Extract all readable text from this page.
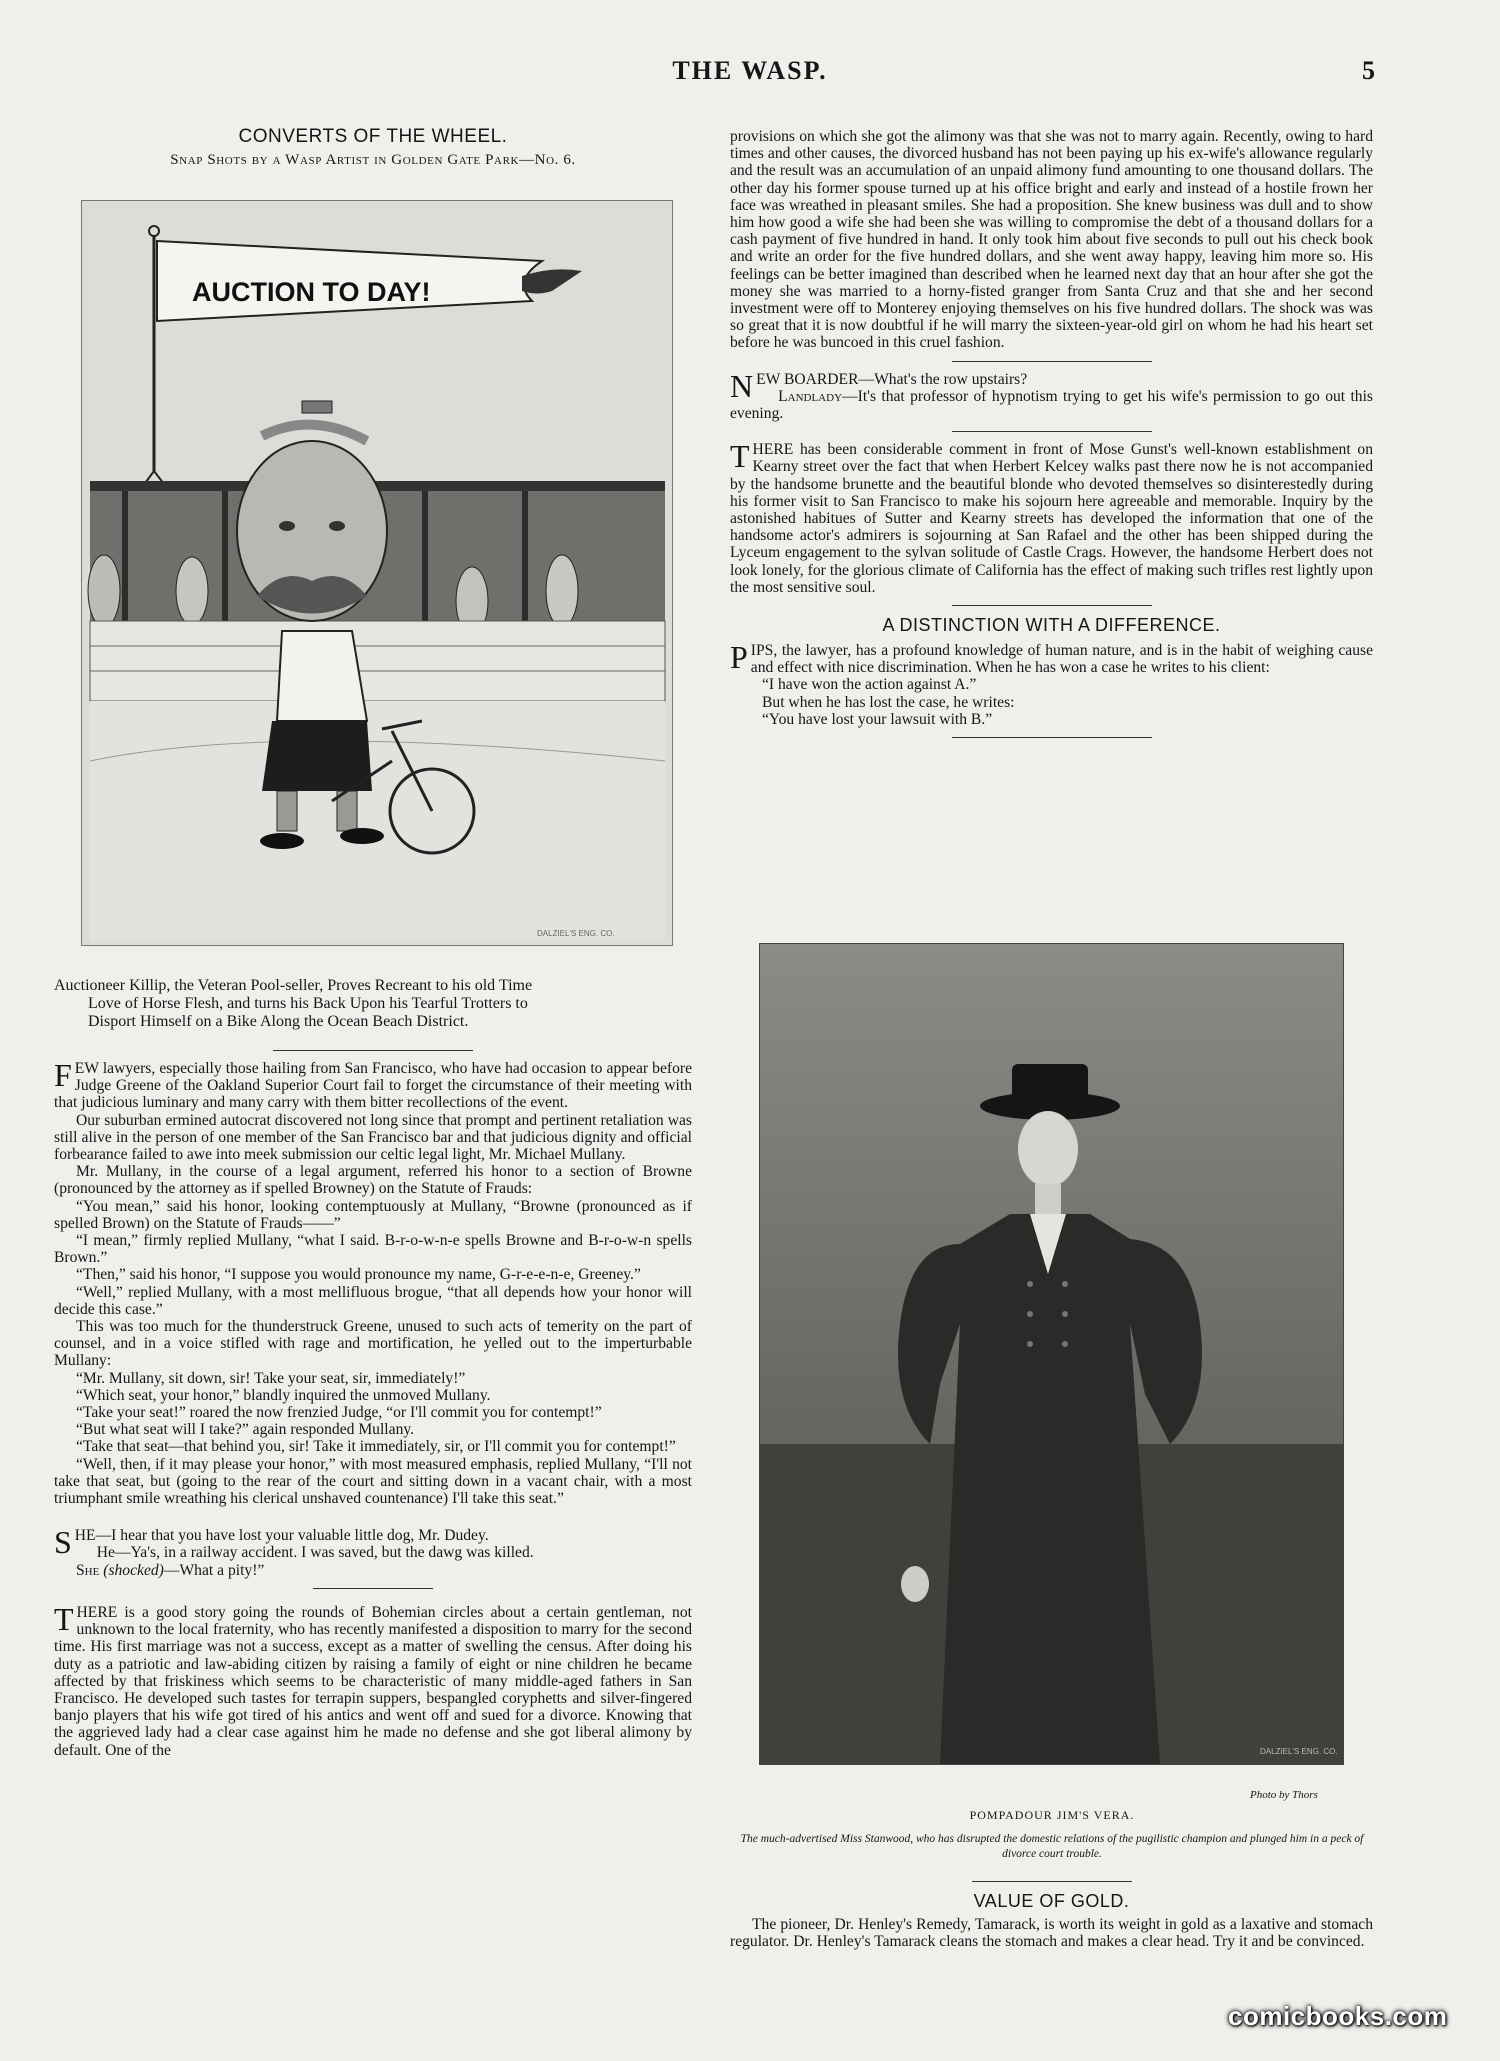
THE WASP.	5
CONVERTS OF THE WHEEL.
Snap Shots by a Wasp Artist in Golden Gate Park—No. 6.
AUCTION TO DAY!
DALZIEL'S ENG. CO.
Auctioneer Killip, the Veteran Pool-seller, Proves Recreant to his old Time
Love of Horse Flesh, and turns his Back Upon his Tearful Trotters to
Disport Himself on a Bike Along the Ocean Beach District.

FEW lawyers, especially those hailing from San Francisco, who have had occasion to appear before Judge Greene of the Oakland Superior Court fail to forget the circumstance of their meeting with that judicious luminary and many carry with them bitter recollections of the event.

Our suburban ermined autocrat discovered not long since that prompt and pertinent retaliation was still alive in the person of one member of the San Francisco bar and that judicious dignity and official forbearance failed to awe into meek submission our celtic legal light, Mr. Michael Mullany.

Mr. Mullany, in the course of a legal argument, referred his honor to a section of Browne (pronounced by the attorney as if spelled Browney) on the Statute of Frauds:

“You mean,” said his honor, looking contemptuously at Mullany, “Browne (pronounced as if spelled Brown) on the Statute of Frauds——”

“I mean,” firmly replied Mullany, “what I said. B-r-o-w-n-e spells Browne and B-r-o-w-n spells Brown.”

“Then,” said his honor, “I suppose you would pronounce my name, G-r-e-e-n-e, Greeney.”

“Well,” replied Mullany, with a most mellifluous brogue, “that all depends how your honor will decide this case.”

This was too much for the thunderstruck Greene, unused to such acts of temerity on the part of counsel, and in a voice stifled with rage and mortification, he yelled out to the imperturbable Mullany:

“Mr. Mullany, sit down, sir! Take your seat, sir, immediately!”

“Which seat, your honor,” blandly inquired the unmoved Mullany.

“Take your seat!” roared the now frenzied Judge, “or I'll commit you for contempt!”

“But what seat will I take?” again responded Mullany.

“Take that seat—that behind you, sir! Take it immediately, sir, or I'll commit you for contempt!”

“Well, then, if it may please your honor,” with most measured emphasis, replied Mullany, “I'll not take that seat, but (going to the rear of the court and sitting down in a vacant chair, with a most triumphant smile wreathing his clerical unshaved countenance) I'll take this seat.”

SHE—I hear that you have lost your valuable little dog, Mr. Dudey.

He—Ya's, in a railway accident. I was saved, but the dawg was killed.

She (shocked)—What a pity!”

THERE is a good story going the rounds of Bohemian circles about a certain gentleman, not unknown to the local fraternity, who has recently manifested a disposition to marry for the second time. His first marriage was not a success, except as a matter of swelling the census. After doing his duty as a patriotic and law-abiding citizen by raising a family of eight or nine children he became affected by that friskiness which seems to be characteristic of many middle-aged fathers in San Francisco. He developed such tastes for terrapin suppers, bespangled coryphetts and silver-fingered banjo players that his wife got tired of his antics and went off and sued for a divorce. Knowing that the aggrieved lady had a clear case against him he made no defense and she got liberal alimony by default. One of the

provisions on which she got the alimony was that she was not to marry again. Recently, owing to hard times and other causes, the divorced husband has not been paying up his ex-wife's allowance regularly and the result was an accumulation of an unpaid alimony fund amounting to one thousand dollars. The other day his former spouse turned up at his office bright and early and instead of a hostile frown her face was wreathed in pleasant smiles. She had a proposition. She knew business was dull and to show him how good a wife she had been she was willing to compromise the debt of a thousand dollars for a cash payment of five hundred in hand. It only took him about five seconds to pull out his check book and write an order for the five hundred dollars, and she went away happy, leaving him more so. His feelings can be better imagined than described when he learned next day that an hour after she got the money she was married to a horny-fisted granger from Santa Cruz and that she and her second investment were off to Monterey enjoying themselves on his five hundred dollars. The shock was was so great that it is now doubtful if he will marry the sixteen-year-old girl on whom he had his heart set before he was buncoed in this cruel fashion.

NEW BOARDER—What's the row upstairs?

Landlady—It's that professor of hypnotism trying to get his wife's permission to go out this evening.

THERE has been considerable comment in front of Mose Gunst's well-known establishment on Kearny street over the fact that when Herbert Kelcey walks past there now he is not accompanied by the handsome brunette and the beautiful blonde who devoted themselves so disinterestedly during his former visit to San Francisco to make his sojourn here agreeable and memorable. Inquiry by the astonished habitues of Sutter and Kearny streets has developed the information that one of the handsome actor's admirers is sojourning at San Rafael and the other has been shipped during the Lyceum engagement to the sylvan solitude of Castle Crags. However, the handsome Herbert does not look lonely, for the glorious climate of California has the effect of making such trifles rest lightly upon the most sensitive soul.

A DISTINCTION WITH A DIFFERENCE.

PIPS, the lawyer, has a profound knowledge of human nature, and is in the habit of weighing cause and effect with nice discrimination. When he has won a case he writes to his client:

“I have won the action against A.”

But when he has lost the case, he writes:

“You have lost your lawsuit with B.”

DALZIEL'S ENG. CO.
Photo by Thors
POMPADOUR JIM'S VERA.
The much-advertised Miss Stanwood, who has disrupted the domestic relations of the pugilistic champion and plunged him in a peck of divorce court trouble.
VALUE OF GOLD.

The pioneer, Dr. Henley's Remedy, Tamarack, is worth its weight in gold as a laxative and stomach regulator. Dr. Henley's Tamarack cleans the stomach and makes a clear head. Try it and be convinced.

comicbooks.com
